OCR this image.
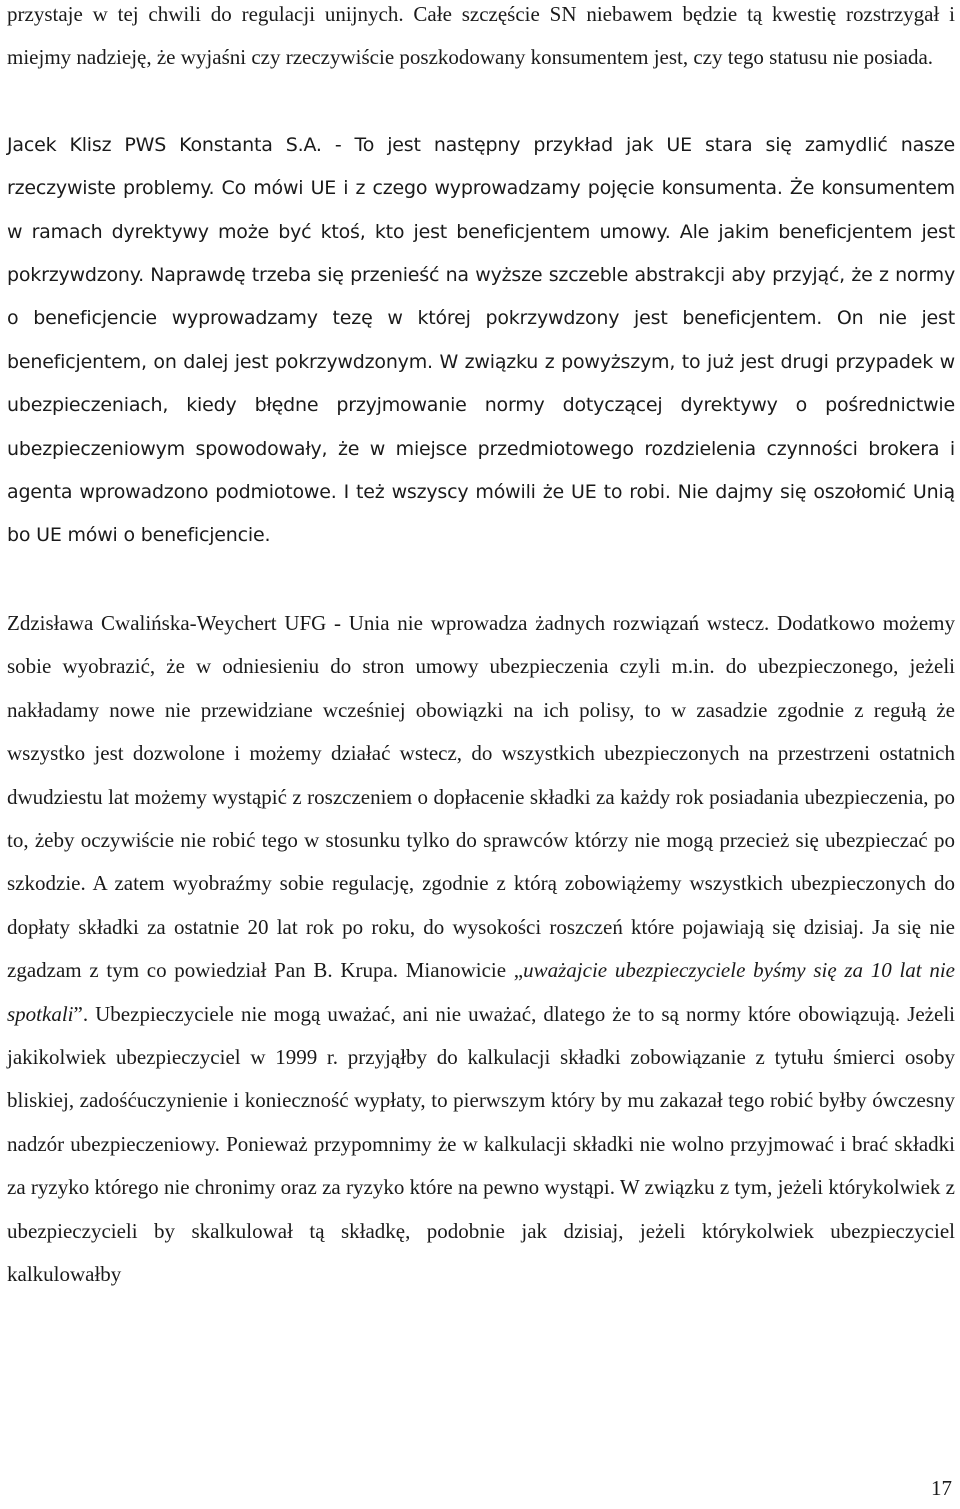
przystaje w tej chwili do regulacji unijnych. Całe szczęście SN niebawem będzie tą kwestię rozstrzygał i miejmy nadzieję, że wyjaśni czy rzeczywiście poszkodowany konsumentem jest, czy tego statusu nie posiada.

Jacek Klisz PWS Konstanta S.A. - To jest następny przykład jak UE stara się zamydlić nasze rzeczywiste problemy. Co mówi UE i z czego wyprowadzamy pojęcie konsumenta. Że konsumentem w ramach dyrektywy może być ktoś, kto jest beneficjentem umowy. Ale jakim beneficjentem jest pokrzywdzony. Naprawdę trzeba się przenieść na wyższe szczeble abstrakcji aby przyjąć, że z normy o beneficjencie wyprowadzamy tezę w której pokrzywdzony jest beneficjentem. On nie jest beneficjentem, on dalej jest pokrzywdzonym. W związku z powyższym, to już jest drugi przypadek w ubezpieczeniach, kiedy błędne przyjmowanie normy dotyczącej dyrektywy o pośrednictwie ubezpieczeniowym spowodowały, że w miejsce przedmiotowego rozdzielenia czynności brokera i agenta wprowadzono podmiotowe. I też wszyscy mówili że UE to robi. Nie dajmy się oszołomić Unią bo UE mówi o beneficjencie.

Zdzisława Cwalińska-Weychert UFG - Unia nie wprowadza żadnych rozwiązań wstecz. Dodatkowo możemy sobie wyobrazić, że w odniesieniu do stron umowy ubezpieczenia czyli m.in. do ubezpieczonego, jeżeli nakładamy nowe nie przewidziane wcześniej obowiązki na ich polisy, to w zasadzie zgodnie z regułą że wszystko jest dozwolone i możemy działać wstecz, do wszystkich ubezpieczonych na przestrzeni ostatnich dwudziestu lat możemy wystąpić z roszczeniem o dopłacenie składki za każdy rok posiadania ubezpieczenia, po to, żeby oczywiście nie robić tego w stosunku tylko do sprawców którzy nie mogą przecież się ubezpieczać po szkodzie. A zatem wyobraźmy sobie regulację, zgodnie z którą zobowiążemy wszystkich ubezpieczonych do dopłaty składki za ostatnie 20 lat rok po roku, do wysokości roszczeń które pojawiają się dzisiaj. Ja się nie zgadzam z tym co powiedział Pan B. Krupa. Mianowicie „uważajcie ubezpieczyciele byśmy się za 10 lat nie spotkali”. Ubezpieczyciele nie mogą uważać, ani nie uważać, dlatego że to są normy które obowiązują. Jeżeli jakikolwiek ubezpieczyciel w 1999 r. przyjąłby do kalkulacji składki zobowiązanie z tytułu śmierci osoby bliskiej, zadośćuczynienie i konieczność wypłaty, to pierwszym który by mu zakazał tego robić byłby ówczesny nadzór ubezpieczeniowy. Ponieważ przypomnimy że w kalkulacji składki nie wolno przyjmować i brać składki za ryzyko którego nie chronimy oraz za ryzyko które na pewno wystąpi. W związku z tym, jeżeli którykolwiek z ubezpieczycieli by skalkulował tą składkę, podobnie jak dzisiaj, jeżeli którykolwiek ubezpieczyciel kalkulowałby

17
